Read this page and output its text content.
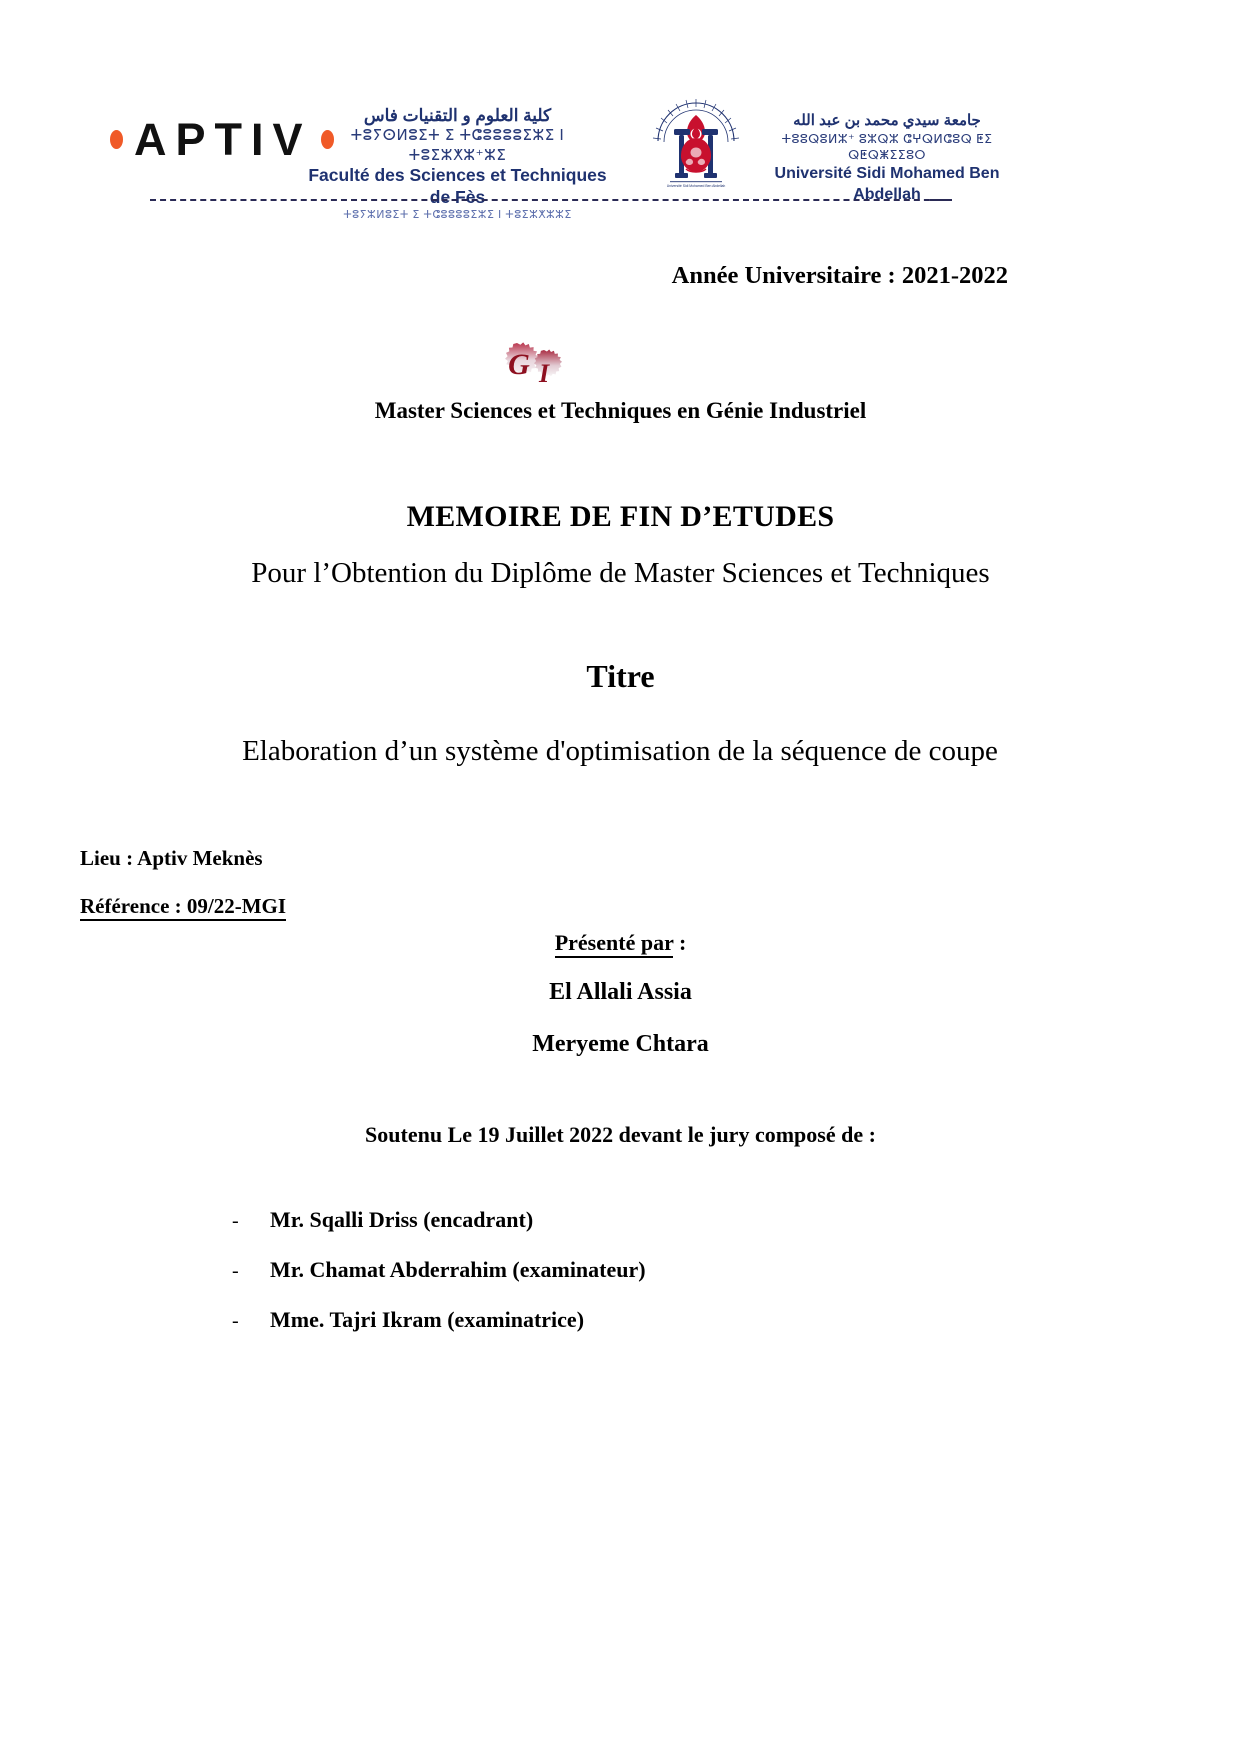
APTIV	كلية العلوم و التقنيات فاس
ⵜⵓⵢⵙⵍⵓⵉⵜ ⵉ ⵜⵛⵓⵓⵓⵓⵉⵣⵉ ⵏ ⵜⵓⵉⵣⵅⵣ⁺ⵣⵉ
Faculté des Sciences et Techniques de Fès
ⵜⵓⵢⵣⵍⵓⵉⵜ ⵉ ⵜⵛⵓⵓⵓⵓⵉⵣⵉ ⵏ ⵜⵓⵉⵣⵅⵣⵣⵉ
Université Sidi Mohamed Ben Abdellah
جامعة سيدي محمد بن عبد الله
ⵜⵓⵓⵕⵓⵍⵣ⁺ ⵓⵣⵕⵣ ⵛⵖⵕⵍⵛⵓⵕ ⵟⵉ ⵕⵟⵕⵥⵉⵉⵓⵔ
Université Sidi Mohamed Ben Abdellah
Année Universitaire : 2021-2022
G I
Master Sciences et Techniques en Génie Industriel
MEMOIRE DE FIN D’ETUDES
Pour l’Obtention du Diplôme de Master Sciences et Techniques
Titre
Elaboration d’un système d'optimisation de la séquence de coupe
Lieu : Aptiv Meknès
Référence : 09/22-MGI
Présenté par :
El Allali Assia
Meryeme Chtara
Soutenu Le 19 Juillet 2022 devant le jury composé de :
-	Mr. Sqalli Driss (encadrant)
-	Mr. Chamat Abderrahim (examinateur)
-	Mme. Tajri Ikram (examinatrice)
